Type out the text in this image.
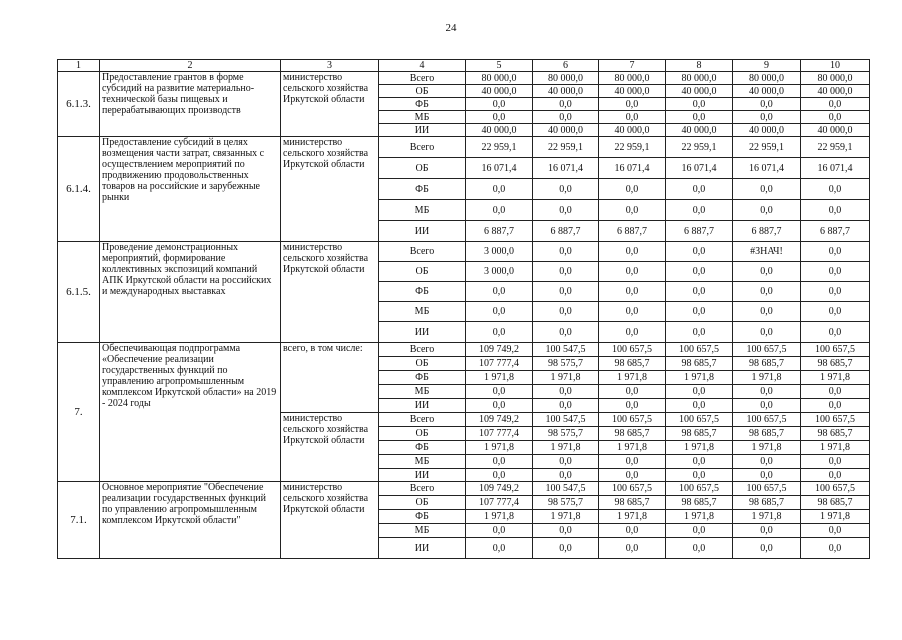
24
1	2	3	4	5	6	7	8	9	10
6.1.3.	Предоставление грантов в форме субсидий на развитие материально-технической базы пищевых и перерабатывающих производств	министерство сельского хозяйства Иркутской области	Всего	80 000,0	80 000,0	80 000,0	80 000,0	80 000,0	80 000,0
			ОБ	40 000,0	40 000,0	40 000,0	40 000,0	40 000,0	40 000,0
			ФБ	0,0	0,0	0,0	0,0	0,0	0,0
			МБ	0,0	0,0	0,0	0,0	0,0	0,0
			ИИ	40 000,0	40 000,0	40 000,0	40 000,0	40 000,0	40 000,0
6.1.4.	Предоставление субсидий в целях возмещения части затрат, связанных с осуществлением мероприятий по продвижению продовольственных товаров на российские и зарубежные рынки	министерство сельского хозяйства Иркутской области	Всего	22 959,1	22 959,1	22 959,1	22 959,1	22 959,1	22 959,1
			ОБ	16 071,4	16 071,4	16 071,4	16 071,4	16 071,4	16 071,4
			ФБ	0,0	0,0	0,0	0,0	0,0	0,0
			МБ	0,0	0,0	0,0	0,0	0,0	0,0
			ИИ	6 887,7	6 887,7	6 887,7	6 887,7	6 887,7	6 887,7
6.1.5.	Проведение демонстрационных мероприятий, формирование коллективных экспозиций компаний АПК Иркутской области на российских и международных выставках	министерство сельского хозяйства Иркутской области	Всего	3 000,0	0,0	0,0	0,0	#ЗНАЧ!	0,0
			ОБ	3 000,0	0,0	0,0	0,0	0,0	0,0
			ФБ	0,0	0,0	0,0	0,0	0,0	0,0
			МБ	0,0	0,0	0,0	0,0	0,0	0,0
			ИИ	0,0	0,0	0,0	0,0	0,0	0,0
7.	Обеспечивающая подпрограмма «Обеспечение реализации государственных функций по управлению агропромышленным комплексом Иркутской области» на 2019 - 2024 годы	всего, в том числе:	Всего	109 749,2	100 547,5	100 657,5	100 657,5	100 657,5	100 657,5
			ОБ	107 777,4	98 575,7	98 685,7	98 685,7	98 685,7	98 685,7
			ФБ	1 971,8	1 971,8	1 971,8	1 971,8	1 971,8	1 971,8
			МБ	0,0	0,0	0,0	0,0	0,0	0,0
			ИИ	0,0	0,0	0,0	0,0	0,0	0,0
		министерство сельского хозяйства Иркутской области	Всего	109 749,2	100 547,5	100 657,5	100 657,5	100 657,5	100 657,5
			ОБ	107 777,4	98 575,7	98 685,7	98 685,7	98 685,7	98 685,7
			ФБ	1 971,8	1 971,8	1 971,8	1 971,8	1 971,8	1 971,8
			МБ	0,0	0,0	0,0	0,0	0,0	0,0
			ИИ	0,0	0,0	0,0	0,0	0,0	0,0
7.1.	Основное мероприятие "Обеспечение реализации государственных функций по управлению агропромышленным комплексом Иркутской области"	министерство сельского хозяйства Иркутской области	Всего	109 749,2	100 547,5	100 657,5	100 657,5	100 657,5	100 657,5
			ОБ	107 777,4	98 575,7	98 685,7	98 685,7	98 685,7	98 685,7
			ФБ	1 971,8	1 971,8	1 971,8	1 971,8	1 971,8	1 971,8
			МБ	0,0	0,0	0,0	0,0	0,0	0,0
			ИИ	0,0	0,0	0,0	0,0	0,0	0,0
